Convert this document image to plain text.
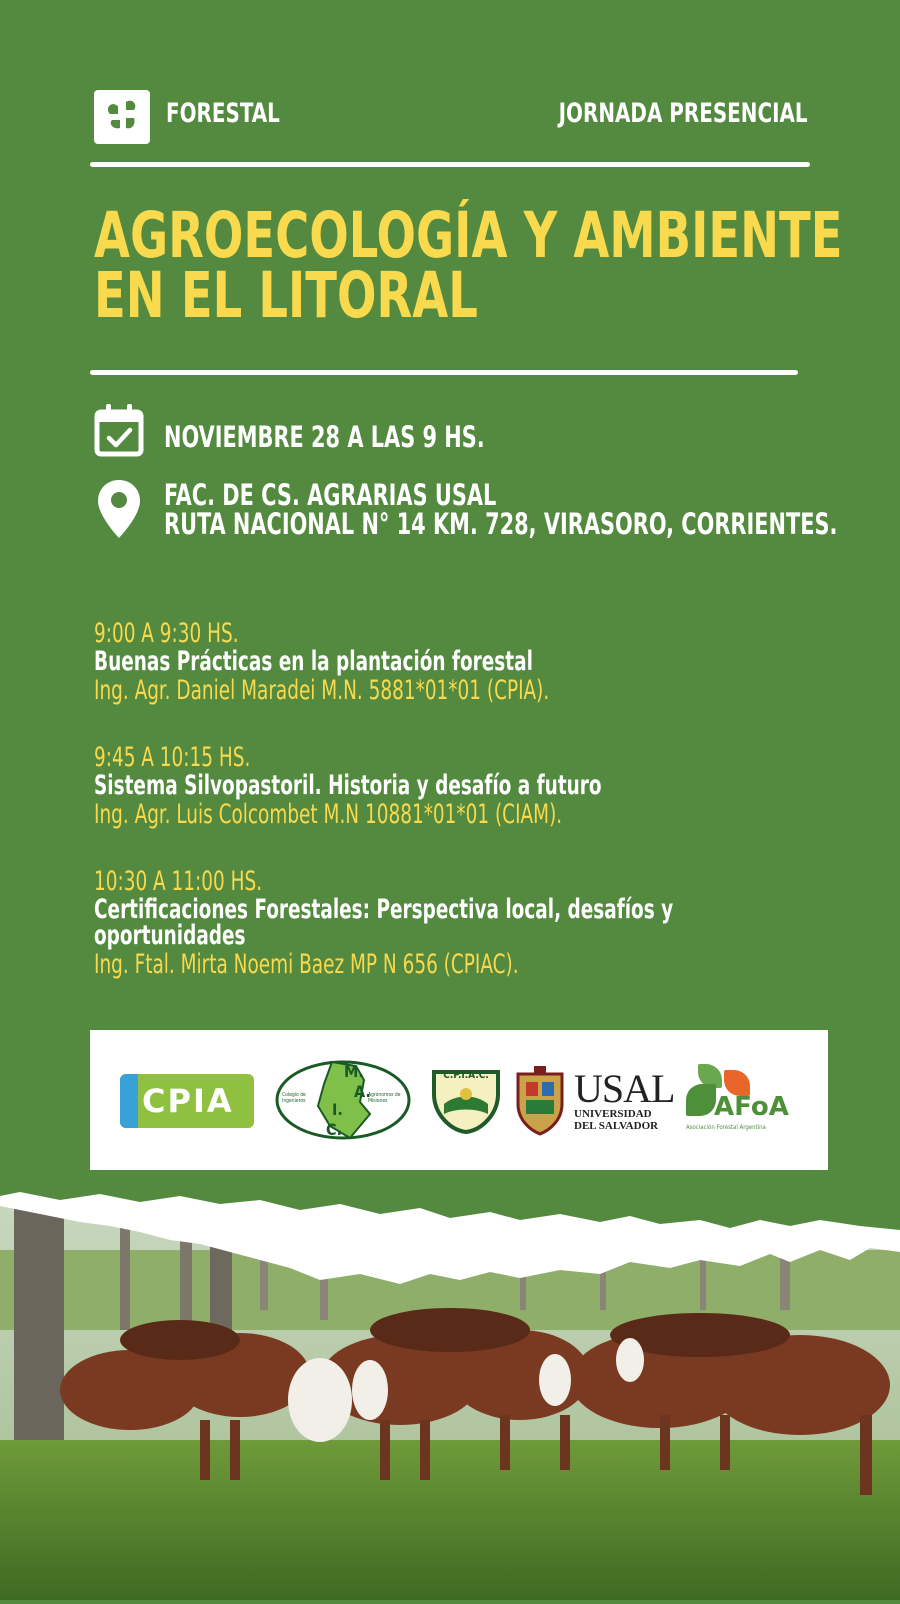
FORESTAL	JORNADA PRESENCIAL
AGROECOLOGÍA Y AMBIENTE
EN EL LITORAL
NOVIEMBRE 28 A LAS 9 HS.
FAC. DE CS. AGRARIAS USAL
RUTA NACIONAL N° 14 KM. 728, VIRASORO, CORRIENTES.
9:00 A 9:30 HS.
Buenas Prácticas en la plantación forestal
Ing. Agr. Daniel Maradei M.N. 5881*01*01 (CPIA).
9:45 A 10:15 HS.
Sistema Silvopastoril. Historia y desafío a futuro
Ing. Agr. Luis Colcombet M.N 10881*01*01 (CIAM).
10:30 A 11:00 HS.
Certificaciones Forestales: Perspectiva local, desafíos y oportunidades
Ing. Ftal. Mirta Noemi Baez MP N 656 (CPIAC).
CPIA
M.
A.
I.
C.
Colegio de Ingenieros
Agrónomos de Misiones
C.P.I.A.C. USAL
UNIVERSIDAD
DEL SALVADOR
AFoA
Asociación Forestal Argentina
